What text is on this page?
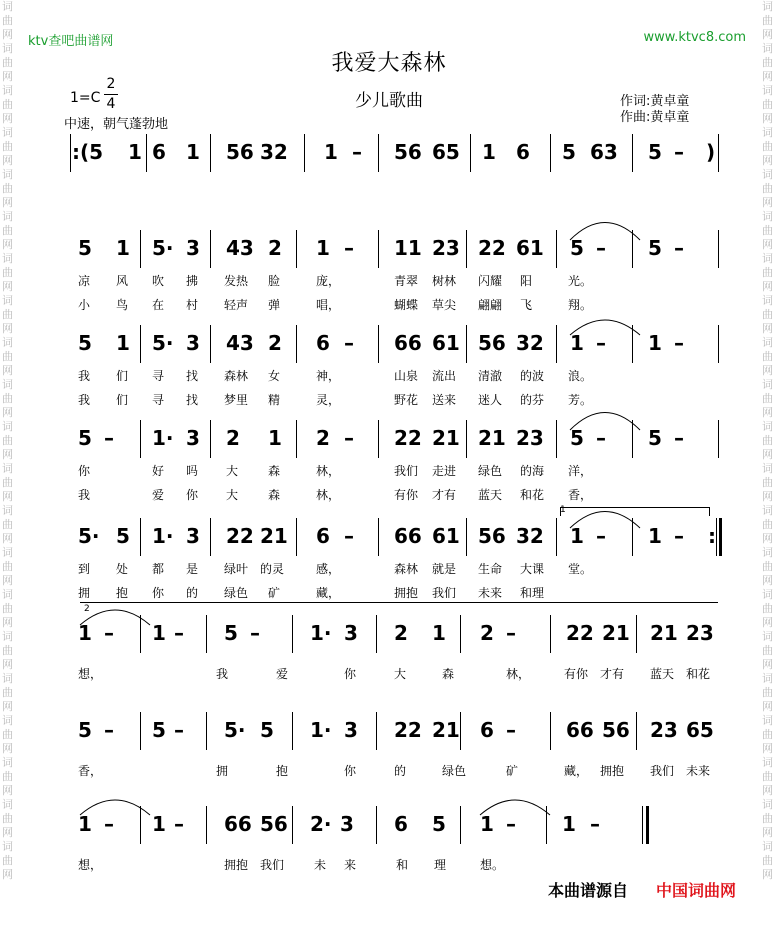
词曲网词曲网词曲网词曲网词曲网词曲网词曲网词曲网词曲网词曲网词曲网词曲网词曲网词曲网词曲网词曲网词曲网词曲网词曲网词曲网词曲网
词曲网词曲网词曲网词曲网词曲网词曲网词曲网词曲网词曲网词曲网词曲网词曲网词曲网词曲网词曲网词曲网词曲网词曲网词曲网词曲网词曲网
ktv查吧曲谱网	www.ktvc8.com
我爱大森林
少儿歌曲
1=C
2
4
中速，朝气蓬勃地
作词:黄卓童
作曲:黄卓童
1
2
:(5 1 6 1 56 32 1 – 56 65 1 6 5 63 5 – )
5 1 5· 3 43 2 1 – 11 23 22 61 5 – 5 –
凉 风 吹 拂 发热 脸	庞，	青翠 树林 闪耀 阳	光。
小 鸟 在 村 轻声 弹	唱，	蝴蝶 草尖 翩翩 飞	翔。
5 1 5· 3 43 2 6 – 66 61 56 32 1 – 1 –
我 们 寻 找 森林 女	神，	山泉 流出 清澈 的波 浪。
我 们 寻 找 梦里 精	灵，	野花 送来 迷人 的芬 芳。
5 – 1· 3 2 1 2 – 22 21 21 23 5 – 5 –
你	好 吗 大 森	林，	我们 走进 绿色 的海 洋，
我	爱 你 大 森	林，	有你 才有 蓝天 和花 香，
5· 5 1· 3 22 21 6 – 66 61 56 32 1 – 1 – :
到 处 都 是 绿叶 的灵	感，	森林 就是 生命 大课 堂。
拥 抱 你 的 绿色 矿	藏，	拥抱 我们 未来 和理
1 – 1 – 5 –	1· 3 2 1 2 –	22 21 21 23
想，	我	爱	你	大	森	林，	有你 才有 蓝天 和花
5 – 5 – 5· 5 1· 3 22 21 6 –	66 56 23 65
香，	拥	抱	你	的	绿色	矿	藏， 拥抱 我们 未来
1 – 1 – 66 56 2· 3 6 5 1 – 1 –
想，	拥抱 我们 未 来	和 理	想。
本曲谱源自 中国词曲网
